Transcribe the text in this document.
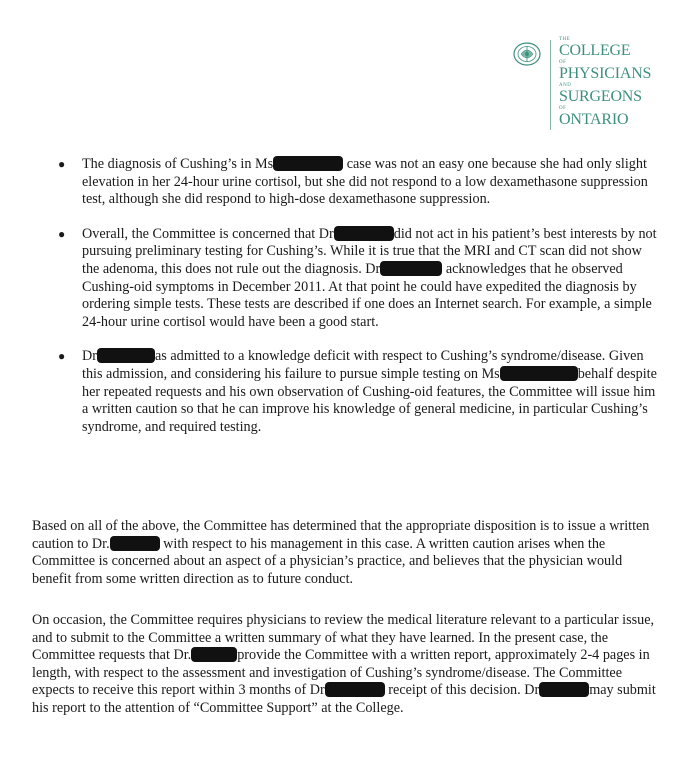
THE
COLLEGE
OF
PHYSICIANS
AND
SURGEONS
OF
ONTARIO
● The diagnosis of Cushing’s in Ms	case was not an easy one because she had only slight elevation in her 24-hour urine cortisol, but she did not respond to a low dexamethasone suppression test, although she did respond to high-dose dexamethasone suppression.
● Overall, the Committee is concerned that Dr	did not act in his patient’s best interests by not pursuing preliminary testing for Cushing’s. While it is true that the MRI and CT scan did not show the adenoma, this does not rule out the diagnosis. Dr	acknowledges that he observed Cushing-oid symptoms in December 2011. At that point he could have expedited the diagnosis by ordering simple tests. These tests are described if one does an Internet search. For example, a simple 24-hour urine cortisol would have been a good start.
● Dr	as admitted to a knowledge deficit with respect to Cushing’s syndrome/disease. Given this admission, and considering his failure to pursue simple testing on Ms	behalf despite her repeated requests and his own observation of Cushing-oid features, the Committee will issue him a written caution so that he can improve his knowledge of general medicine, in particular Cushing’s syndrome, and required testing.

Based on all of the above, the Committee has determined that the appropriate disposition is to issue a written caution to Dr.	with respect to his management in this case. A written caution arises when the Committee is concerned about an aspect of a physician’s practice, and believes that the physician would benefit from some written direction as to future conduct.

On occasion, the Committee requires physicians to review the medical literature relevant to a particular issue, and to submit to the Committee a written summary of what they have learned. In the present case, the Committee requests that Dr.	provide the Committee with a written report, approximately 2-4 pages in length, with respect to the assessment and investigation of Cushing’s syndrome/disease. The Committee expects to receive this report within 3 months of Dr	receipt of this decision. Dr	may submit his report to the attention of “Committee Support” at the College.
